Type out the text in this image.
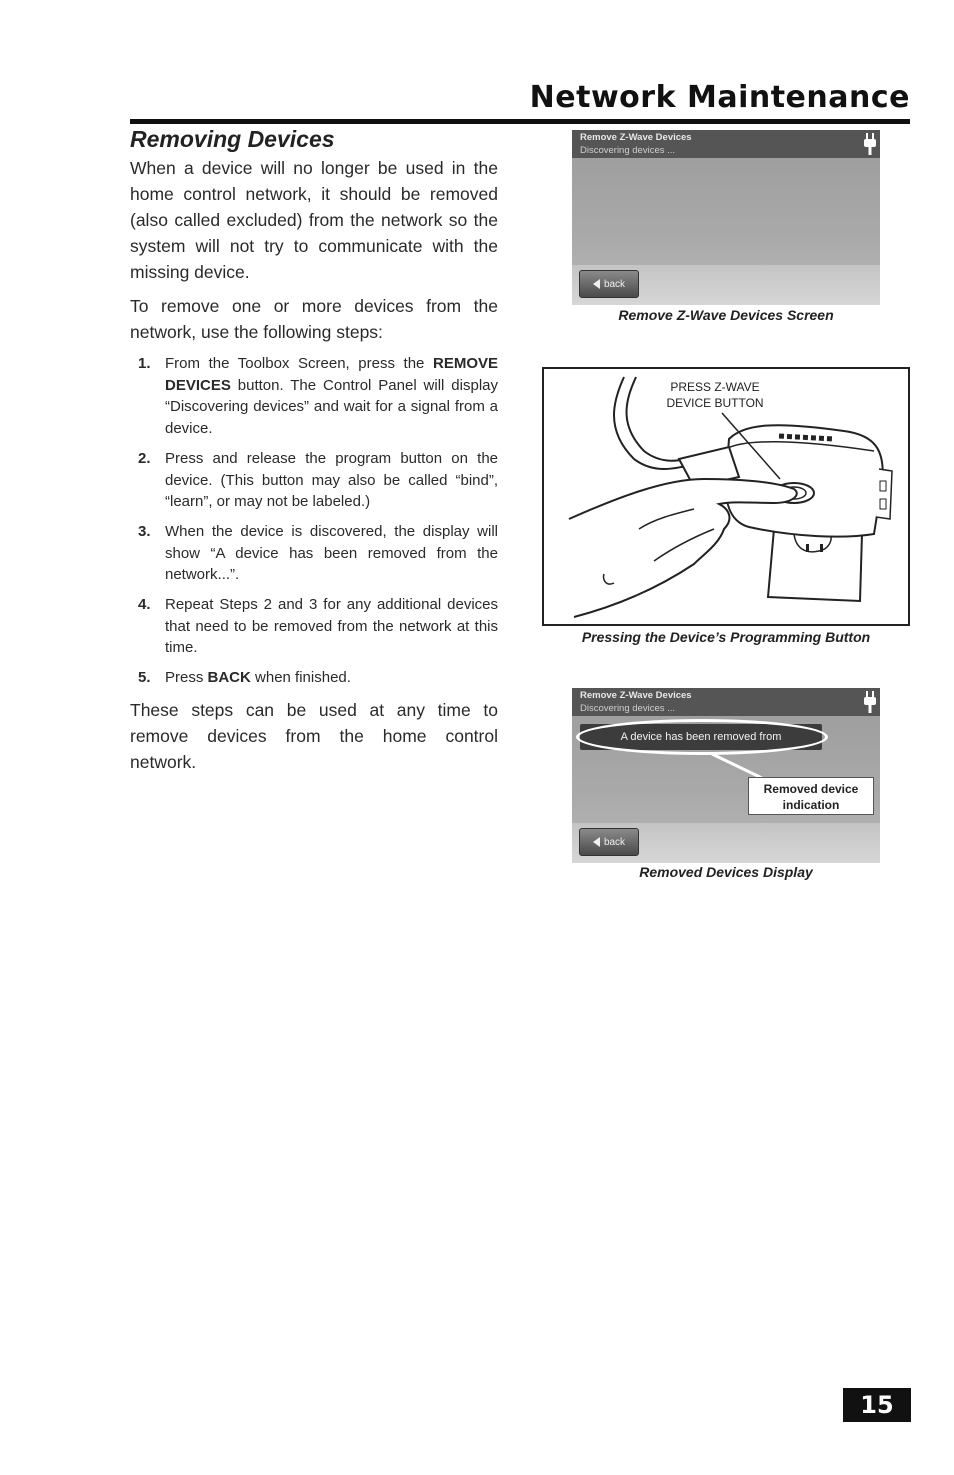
Network Maintenance
Removing Devices

When a device will no longer be used in the home control network, it should be removed (also called excluded) from the network so the system will not try to communicate with the missing device.

To remove one or more devices from the network, use the following steps:

1. From the Toolbox Screen, press the REMOVE DEVICES button. The Control Panel will display “Discovering devices” and wait for a signal from a device.
2. Press and release the program button on the device. (This button may also be called “bind”, “learn”, or may not be labeled.)
3. When the device is discovered, the display will show “A device has been removed from the network...”.
4. Repeat Steps 2 and 3 for any additional devices that need to be removed from the network at this time.
5. Press BACK when finished.

These steps can be used at any time to remove devices from the home control network.

Remove Z-Wave Devices
Discovering devices ...
back
Remove Z-Wave Devices Screen
PRESS Z-WAVE
DEVICE BUTTON
Pressing the Device’s Programming Button
Remove Z-Wave Devices
Discovering devices ...
A device has been removed from
Removed device
indication
back
Removed Devices Display
15
